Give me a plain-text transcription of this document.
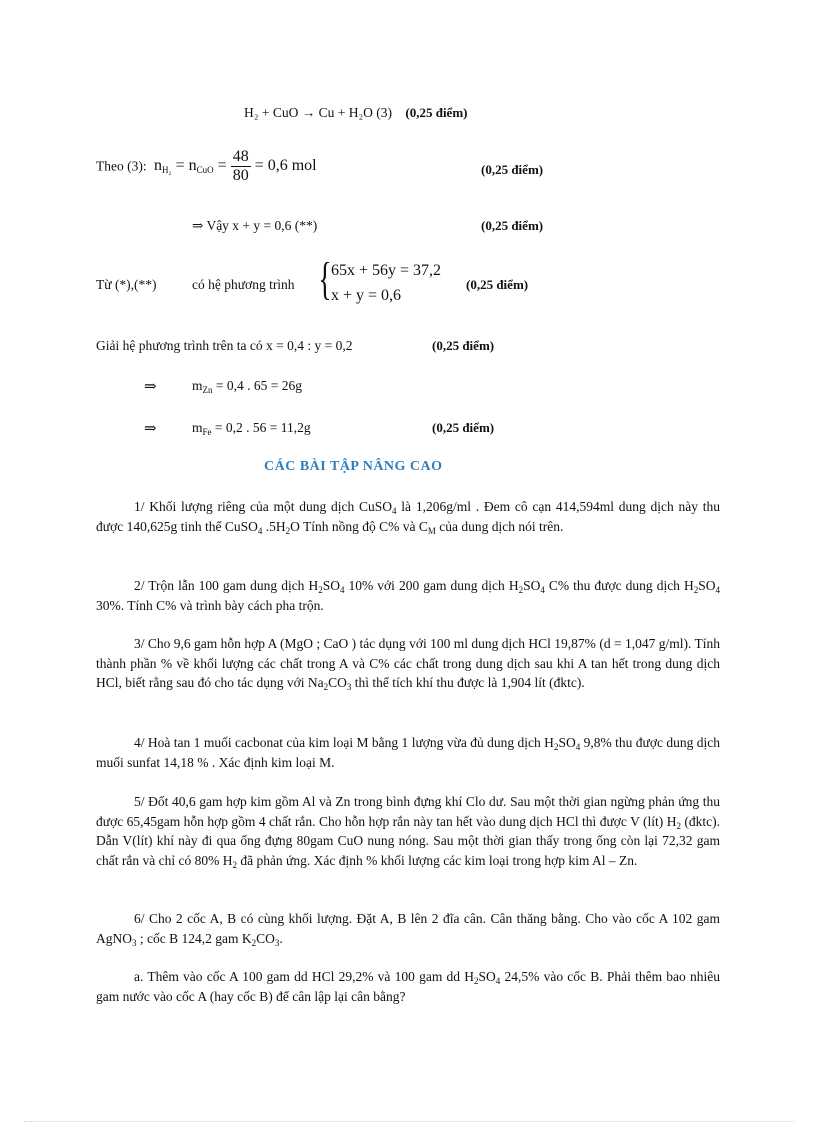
H₂ + CuO → Cu + H₂O (3) (0,25 điểm)
Theo (3): $n_{H_2} = n_{CuO} = \frac{48}{80} = 0,6$ mol	(0,25 điểm)
⇒ Vậy x + y = 0,6 (**)	(0,25 điểm)
Từ (*),(**)	có hệ phương trình { 65x + 56y = 37,2
x + y = 0,6
(0,25 điểm)
Giải hệ phương trình trên ta có x = 0,4 : y = 0,2	(0,25 điểm)
⇒	$m_{Zn} = 0,4$ . 65 = 26g
⇒	$m_{Fe} = 0,2$ . 56 = 11,2g	(0,25 điểm)
CÁC BÀI TẬP NÂNG CAO
1/ Khối lượng riêng của một dung dịch CuSO$_4$ là 1,206g/ml . Đem cô cạn 414,594ml dung dịch này thu được 140,625g tinh thể CuSO$_4$ $.5H_2O$ Tính nồng độ C% và $C_M$ của dung dịch nói trên.
2/ Trộn lẫn 100 gam dung dịch $H_2SO_4$ 10% với 200 gam dung dịch $H_2SO_4$ C% thu được dung dịch $H_2SO_4$ 30%. Tính C% và trình bày cách pha trộn.
3/ Cho 9,6 gam hỗn hợp A (MgO ; CaO ) tác dụng với 100 ml dung dịch HCl 19,87% (d = 1,047 g/ml). Tính thành phần % về khối lượng các chất trong A và C% các chất trong dung dịch sau khi A tan hết trong dung dịch HCl, biết rằng sau đó cho tác dụng với $Na_2CO_3$ thì thể tích khí thu được là 1,904 lít (đktc).
4/ Hoà tan 1 muối cacbonat của kim loại M bằng 1 lượng vừa đủ dung dịch $H_2SO_4$ 9,8% thu được dung dịch muối sunfat 14,18 % . Xác định kim loại M.
5/ Đốt 40,6 gam hợp kim gồm Al và Zn trong bình đựng khí Clo dư. Sau một thời gian ngừng phản ứng thu được 65,45gam hỗn hợp gồm 4 chất rắn. Cho hỗn hợp rắn này tan hết vào dung dịch HCl thì được V (lít) $H_2$ (đktc). Dẫn V(lít) khí này đi qua ống đựng 80gam CuO nung nóng. Sau một thời gian thấy trong ống còn lại 72,32 gam chất rắn và chỉ có 80% $H_2$ đã phản ứng. Xác định % khối lượng các kim loại trong hợp kim Al – Zn.
6/ Cho 2 cốc A, B có cùng khối lượng. Đặt A, B lên 2 đĩa cân. Cân thăng bằng. Cho vào cốc A 102 gam AgNO$_3$ ; cốc B 124,2 gam $K_2CO_3$.
a. Thêm vào cốc A 100 gam dd HCl 29,2% và 100 gam dd $H_2SO_4$ 24,5% vào cốc B. Phải thêm bao nhiêu gam nước vào cốc A (hay cốc B) để cân lập lại cân bằng?
